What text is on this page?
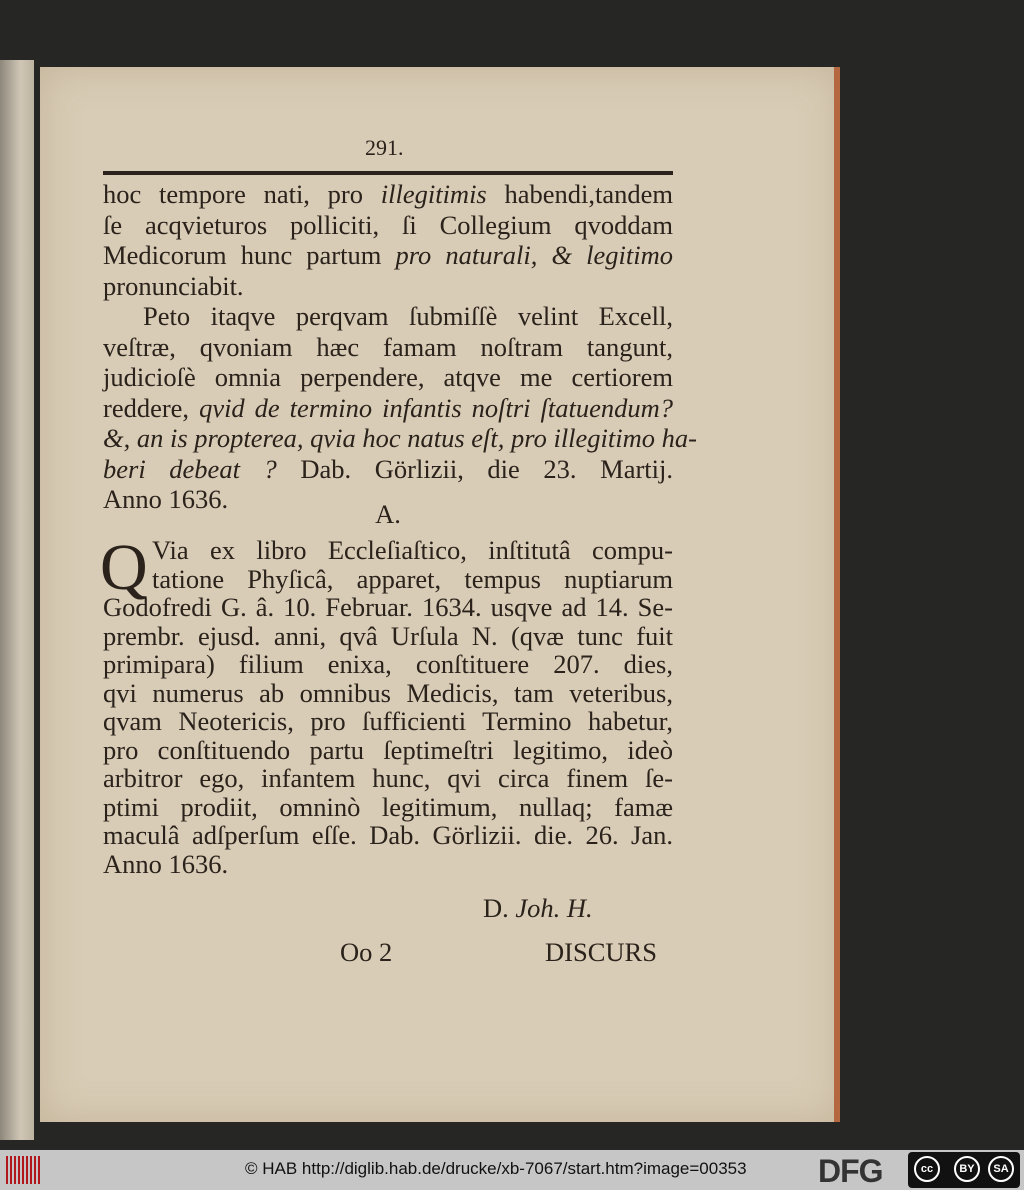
291.
Q
A.
D. Joh. H.
Oo 2	DISCURS
hoc tempore nati, pro illegitimis habendi,tandem
ſe acqvieturos polliciti, ſi Collegium qvoddam
Medicorum hunc partum pro naturali, & legitimo
pronunciabit.
Peto itaqve perqvam ſubmiſſè velint Excell,
veſtræ, qvoniam hæc famam noſtram tangunt,
judicioſè omnia perpendere, atqve me certiorem
reddere, qvid de termino infantis noſtri ſtatuendum?
&, an is propterea, qvia hoc natus eſt, pro illegitimo ha-
beri debeat ? Dab. Görlizii, die 23. Martij.
Anno 1636.
Via ex libro Eccleſiaſtico, inſtitutâ compu-
tatione Phyſicâ, apparet, tempus nuptiarum
Godofredi G. â. 10. Februar. 1634. usqve ad 14. Se-
prembr. ejusd. anni, qvâ Urſula N. (qvæ tunc fuit
primipara) filium enixa, conſtituere 207. dies,
qvi numerus ab omnibus Medicis, tam veteribus,
qvam Neotericis, pro ſufficienti Termino habetur,
pro conſtituendo partu ſeptimeſtri legitimo, ideò
arbitror ego, infantem hunc, qvi circa finem ſe-
ptimi prodiit, omninò legitimum, nullaq; famæ
maculâ adſperſum eſſe. Dab. Görlizii. die. 26. Jan.
Anno 1636.
© HAB http://diglib.hab.de/drucke/xb-7067/start.htm?image=00353 DFG	cc	BY	SA
